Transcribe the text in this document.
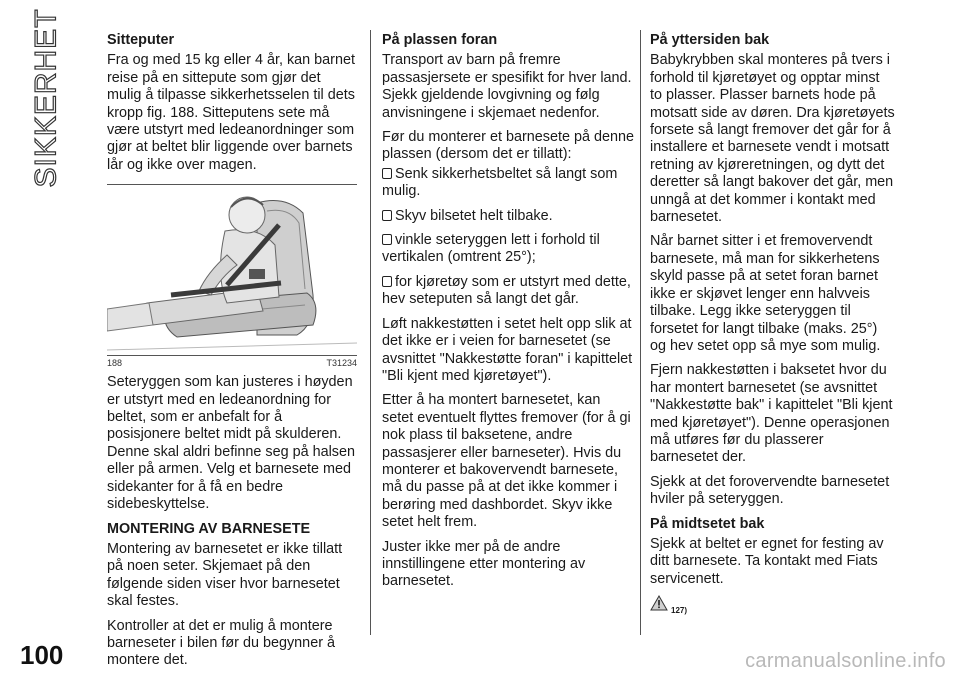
SIKKERHET	Sitteputer

Fra og med 15 kg eller 4 år, kan barnet reise på en sittepute som gjør det mulig å tilpasse sikkerhetsselen til dets kropp fig. 188. Sitteputens sete må være utstyrt med ledeanordninger som gjør at beltet blir liggende over barnets lår og ikke over magen.

188	T31234

Seteryggen som kan justeres i høyden er utstyrt med en ledeanordning for beltet, som er anbefalt for å posisjonere beltet midt på skulderen. Denne skal aldri befinne seg på halsen eller på armen. Velg et barnesete med sidekanter for å få en bedre sidebeskyttelse.

MONTERING AV BARNESETE

Montering av barnesetet er ikke tillatt på noen seter. Skjemaet på den følgende siden viser hvor barnesetet skal festes.

Kontroller at det er mulig å montere barneseter i bilen før du begynner å montere det.

På plassen foran

Transport av barn på fremre passasjersete er spesifikt for hver land. Sjekk gjeldende lovgivning og følg anvisningene i skjemaet nedenfor.

Før du monterer et barnesete på denne plassen (dersom det er tillatt):

Senk sikkerhetsbeltet så langt som mulig.
Skyv bilsetet helt tilbake.
vinkle seteryggen lett i forhold til vertikalen (omtrent 25°);
for kjøretøy som er utstyrt med dette, hev seteputen så langt det går.

Løft nakkestøtten i setet helt opp slik at det ikke er i veien for barnesetet (se avsnittet "Nakkestøtte foran" i kapittelet "Bli kjent med kjøretøyet").

Etter å ha montert barnesetet, kan setet eventuelt flyttes fremover (for å gi nok plass til baksetene, andre passasjerer eller barneseter). Hvis du monterer et bakovervendt barnesete, må du passe på at det ikke kommer i berøring med dashbordet. Skyv ikke setet helt frem.

Juster ikke mer på de andre innstillingene etter montering av barnesetet.

På yttersiden bak

Babykrybben skal monteres på tvers i forhold til kjøretøyet og opptar minst to plasser. Plasser barnets hode på motsatt side av døren. Dra kjøretøyets forsete så langt fremover det går for å installere et barnesete vendt i motsatt retning av kjøreretningen, og dytt det deretter så langt bakover det går, men unngå at det kommer i kontakt med barnesetet.

Når barnet sitter i et fremovervendt barnesete, må man for sikkerhetens skyld passe på at setet foran barnet ikke er skjøvet lenger enn halvveis tilbake. Legg ikke seteryggen til forsetet for langt tilbake (maks. 25°) og hev setet opp så mye som mulig.

Fjern nakkestøtten i baksetet hvor du har montert barnesetet (se avsnittet "Nakkestøtte bak" i kapittelet "Bli kjent med kjøretøyet"). Denne operasjonen må utføres før du plasserer barnesetet der.

Sjekk at det forovervendte barnesetet hviler på seteryggen.

På midtsetet bak

Sjekk at beltet er egnet for festing av ditt barnesete. Ta kontakt med Fiats servicenett.

127)
100	carmanualsonline.info
